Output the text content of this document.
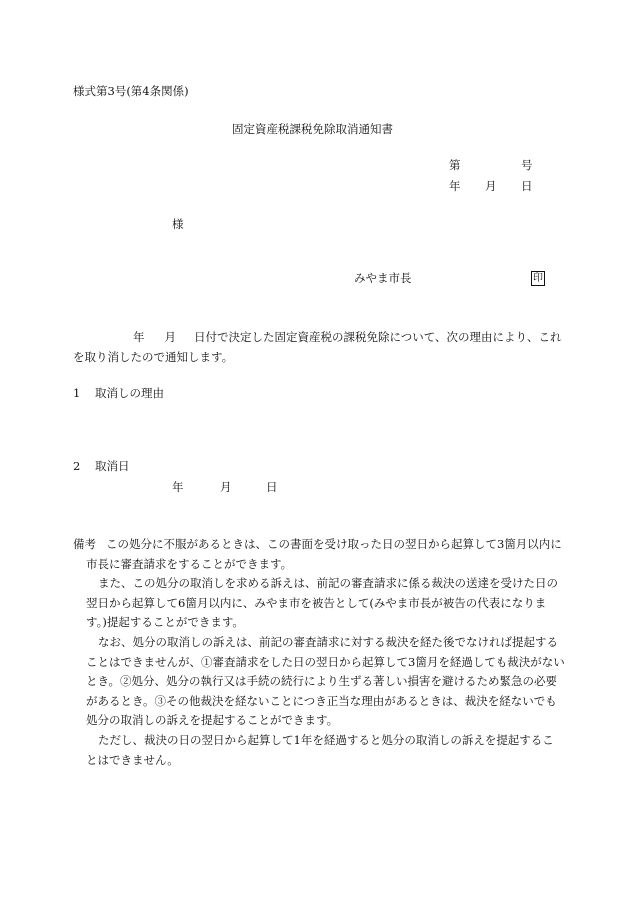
様式第3号(第4条関係)
固定資産税課税免除取消通知書
第	号
年 月 日
様
みやま市長	印
年 月 日付で決定した固定資産税の課税免除について、次の理由により、これを取り消したので通知します。
1 取消しの理由
2 取消日
年	月	日
備考 この処分に不服があるときは、この書面を受け取った日の翌日から起算して3箇月以内に市長に審査請求をすることができます。
また、この処分の取消しを求める訴えは、前記の審査請求に係る裁決の送達を受けた日の翌日から起算して6箇月以内に、みやま市を被告として(みやま市長が被告の代表になります。)提起することができます。
なお、処分の取消しの訴えは、前記の審査請求に対する裁決を経た後でなければ提起することはできませんが、①審査請求をした日の翌日から起算して3箇月を経過しても裁決がないとき。②処分、処分の執行又は手続の続行により生ずる著しい損害を避けるため緊急の必要があるとき。③その他裁決を経ないことにつき正当な理由があるときは、裁決を経ないでも処分の取消しの訴えを提起することができます。
ただし、裁決の日の翌日から起算して1年を経過すると処分の取消しの訴えを提起することはできません。
